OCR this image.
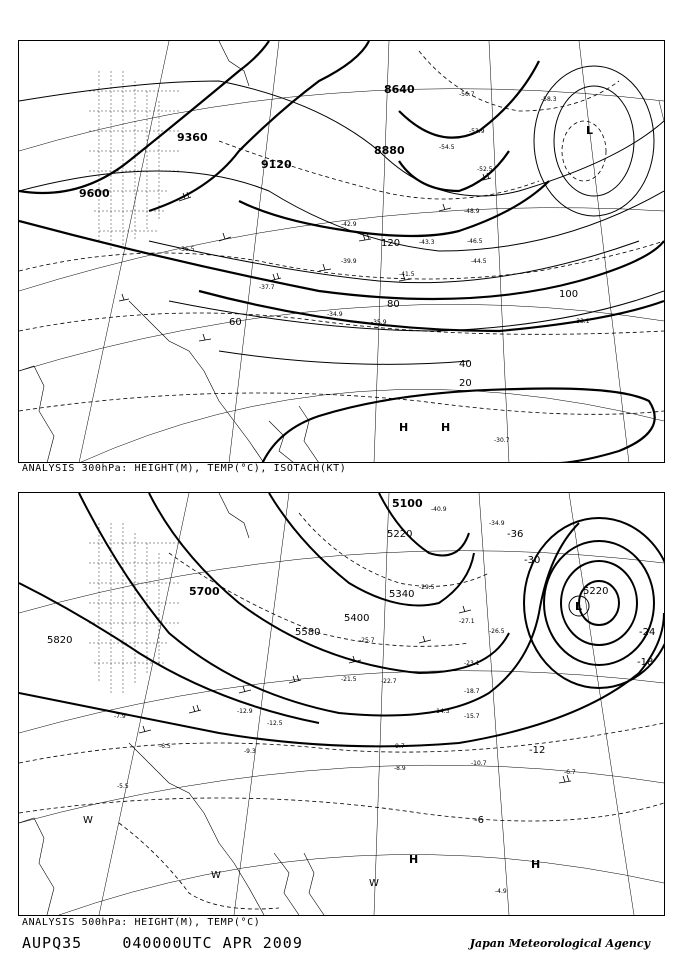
9600
9360
9120
8880
8640
20
40
60
80
100
120
-30.7
-33.1
-34.9
-35.9
-36.5
-37.7
-39.9
-41.5
-42.9
-43.3
-44.5
-46.5
-48.9
-52.5
-53.9
-54.5
-56.7
-58.3
H	H
L
ANALYSIS 300hPa: HEIGHT(M), TEMP(°C), ISOTACH(KT)
5820
5700
5580
5400
5340
5220
5100
5220
-6
-12
-18
-24
-30
-36
-4.9
-5.5
-6.5
-6.7
-7.9
-8.9
-9.3
-9.7
-10.7
-12.5
-12.9	-14.3
-15.7
-18.7
-21.5	-22.7
-23.1
-25.7
-26.5
-27.1
-29.5
-34.9
-40.9
H	H
L
W
W
W
ANALYSIS 500hPa: HEIGHT(M), TEMP(°C)
AUPQ35	040000UTC APR 2009	Japan Meteorological Agency
